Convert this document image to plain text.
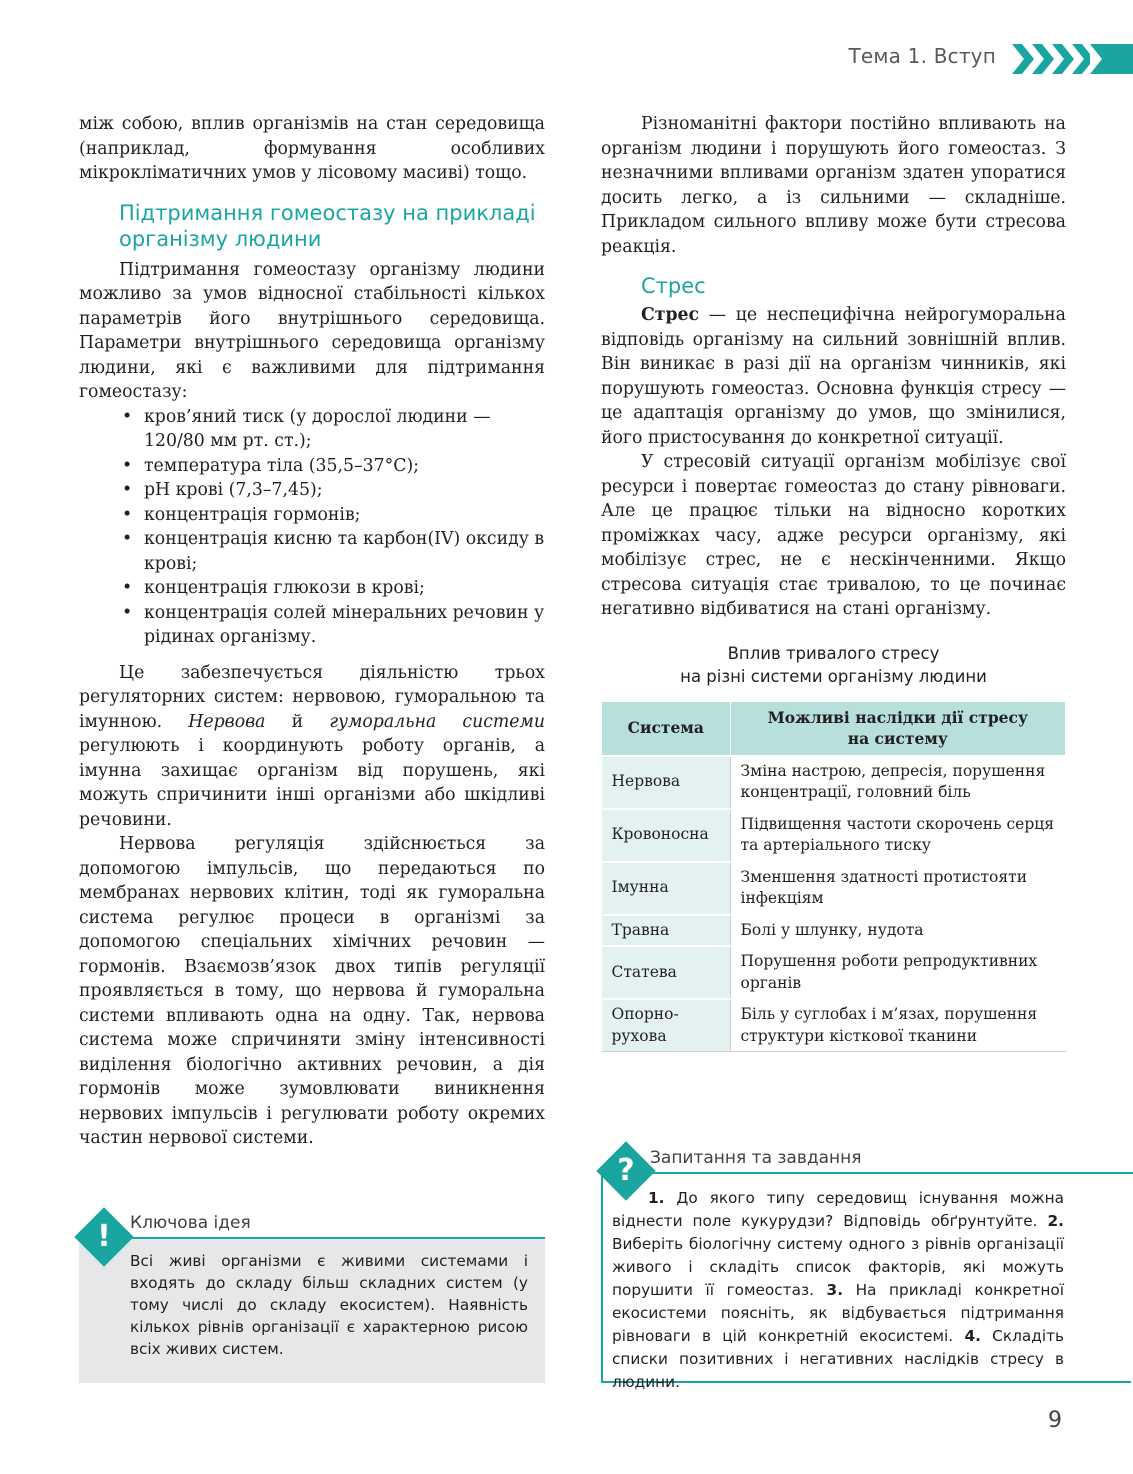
Тема 1. Вступ

між собою, вплив організмів на стан середовища (наприклад, формування особливих мікрокліматичних умов у лісовому масиві) тощо.

Підтримання гомеостазу на прикладі організму людини

Підтримання гомеостазу організму людини можливо за умов відносної стабільності кількох параметрів його внутрішнього середовища. Параметри внутрішнього середовища організму людини, які є важливими для підтримання гомеостазу:

• кров’яний тиск (у дорослої людини — 120/80 мм рт. ст.);
• температура тіла (35,5–37°С);
• pH крові (7,3–7,45);
• концентрація гормонів;
• концентрація кисню та карбон(IV) оксиду в крові;
• концентрація глюкози в крові;
• концентрація солей мінеральних речовин у рідинах організму.

Це забезпечується діяльністю трьох регуляторних систем: нервовою, гуморальною та імунною. Нервова й гуморальна системи регулюють і координують роботу органів, а імунна захищає організм від порушень, які можуть спричинити інші організми або шкідливі речовини.

Нервова регуляція здійснюється за допомогою імпульсів, що передаються по мембранах нервових клітин, тоді як гуморальна система регулює процеси в організмі за допомогою спеціальних хімічних речовин — гормонів. Взаємозв’язок двох типів регуляції проявляється в тому, що нервова й гуморальна системи впливають одна на одну. Так, нервова система може спричиняти зміну інтенсивності виділення біологічно активних речовин, а дія гормонів може зумовлювати виникнення нервових імпульсів і регулювати роботу окремих частин нервової системи.

!	Ключова ідея
Всі живі організми є живими системами і входять до складу більш складних систем (у тому числі до складу екосистем). Наявність кількох рівнів організації є характерною рисою всіх живих систем.

Різноманітні фактори постійно впливають на організм людини і порушують його гомеостаз. З незначними впливами організм здатен упоратися досить легко, а із сильними — складніше. Прикладом сильного впливу може бути стресова реакція.

Стрес

Стрес — це неспецифічна нейрогуморальна відповідь організму на сильний зовнішній вплив. Він виникає в разі дії на організм чинників, які порушують гомеостаз. Основна функція стресу — це адаптація організму до умов, що змінилися, його пристосування до конкретної ситуації.

У стресовій ситуації організм мобілізує свої ресурси і повертає гомеостаз до стану рівноваги. Але це працює тільки на відносно коротких проміжках часу, адже ресурси організму, які мобілізує стрес, не є нескінченними. Якщо стресова ситуація стає тривалою, то це починає негативно відбиватися на стані організму.

Вплив тривалого стресу
на різні системи організму людини
Система	Можливі наслідки дії стресу
на систему
Нервова	Зміна настрою, депресія, порушення концентрації, головний біль
Кровоносна	Підвищення частоти скорочень серця та артеріального тиску
Імунна	Зменшення здатності протистояти інфекціям
Травна	Болі у шлунку, нудота
Статева	Порушення роботи репродуктивних органів
Опорно-рухова	Біль у суглобах і м’язах, порушення структури кісткової тканини
? Запитання та завдання
1. До якого типу середовищ існування можна віднести поле кукурудзи? Відповідь обґрунтуйте. 2. Виберіть біологічну систему одного з рівнів організації живого і складіть список факторів, які можуть порушити її гомеостаз. 3. На прикладі конкретної екосистеми поясніть, як відбувається підтримання рівноваги в цій конкретній екосистемі. 4. Складіть списки позитивних і негативних наслідків стресу в людини.
9
